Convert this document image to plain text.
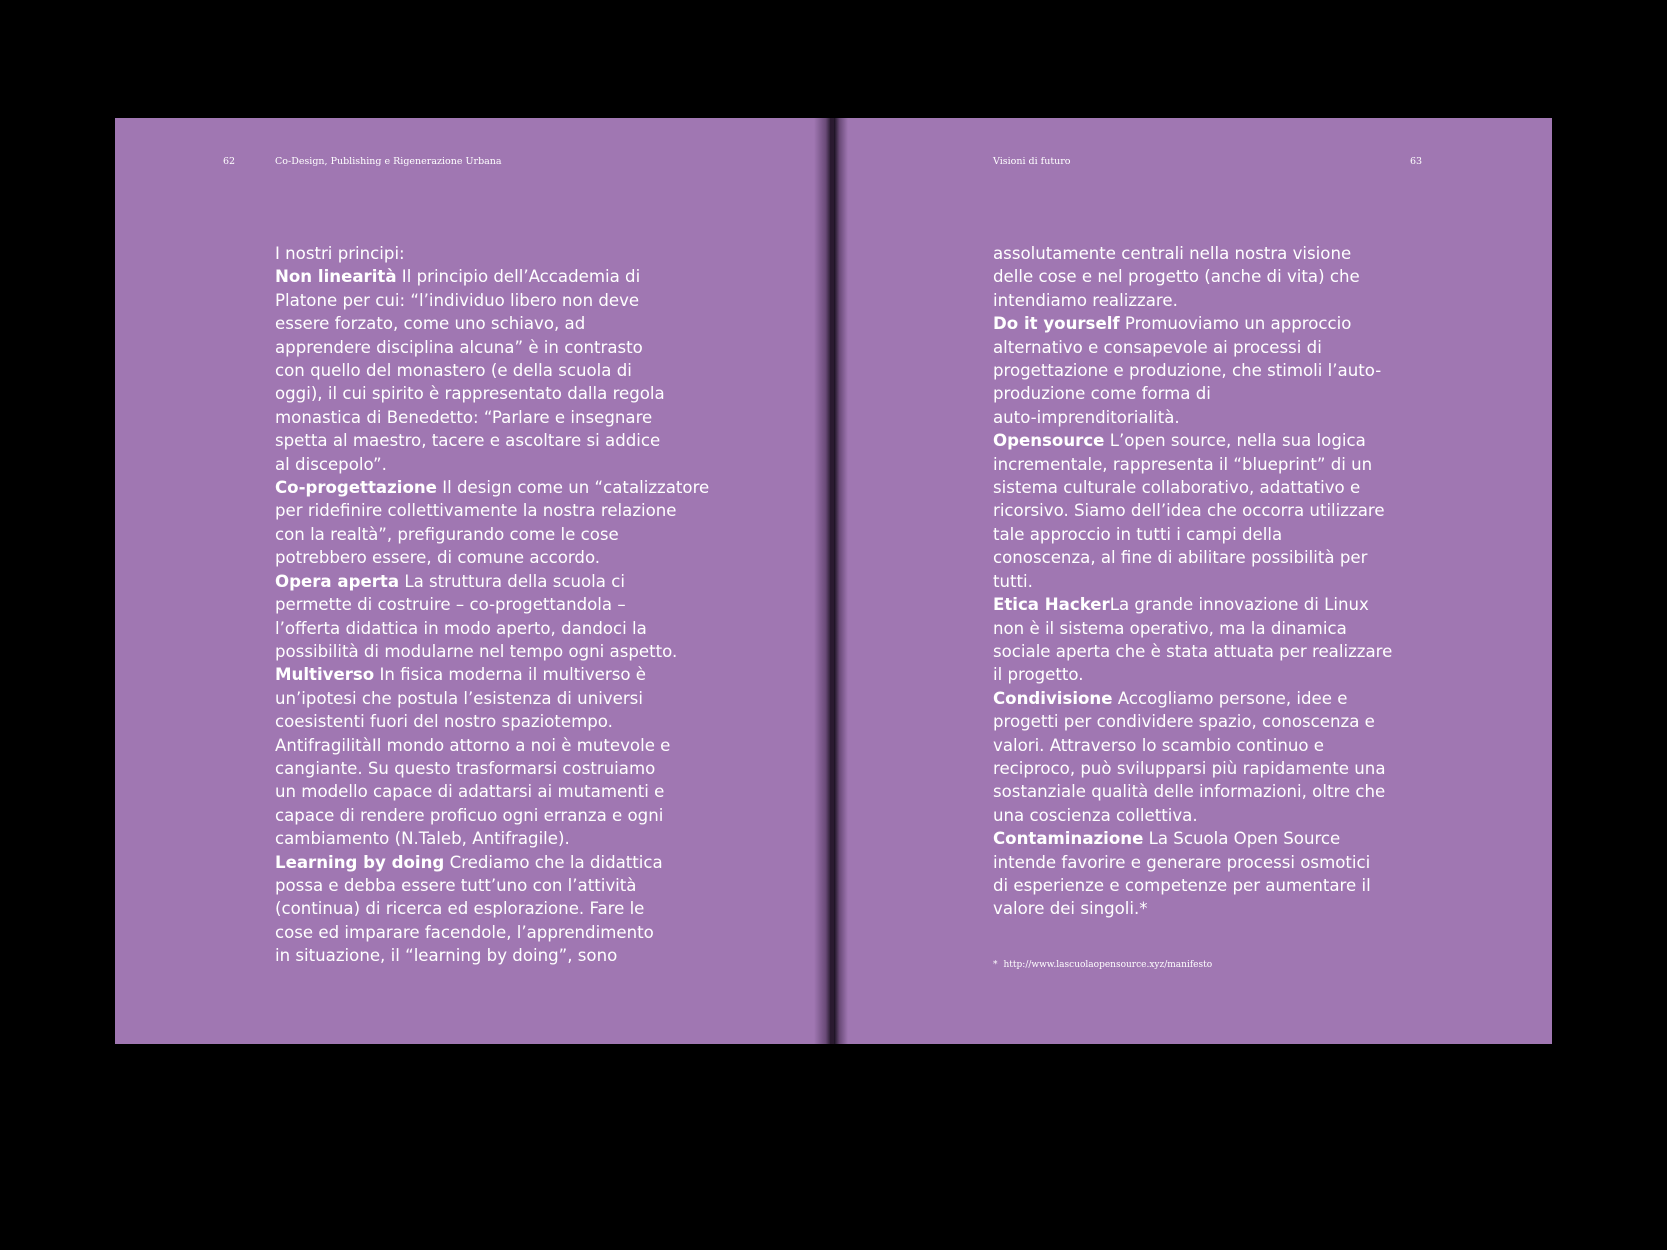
62	Co-Design, Publishing e Rigenerazione Urbana
I nostri principi:
Non linearità Il principio dell’Accademia di
Platone per cui: “l’individuo libero non deve
essere forzato, come uno schiavo, ad
apprendere disciplina alcuna” è in contrasto
con quello del monastero (e della scuola di
oggi), il cui spirito è rappresentato dalla regola
monastica di Benedetto: “Parlare e insegnare
spetta al maestro, tacere e ascoltare si addice
al discepolo”.
Co-progettazione Il design come un “catalizzatore
per ridefinire collettivamente la nostra relazione
con la realtà”, prefigurando come le cose
potrebbero essere, di comune accordo.
Opera aperta La struttura della scuola ci
permette di costruire – co-progettandola –
l’offerta didattica in modo aperto, dandoci la
possibilità di modularne nel tempo ogni aspetto.
Multiverso In fisica moderna il multiverso è
un’ipotesi che postula l’esistenza di universi
coesistenti fuori del nostro spaziotempo.
AntifragilitàIl mondo attorno a noi è mutevole e
cangiante. Su questo trasformarsi costruiamo
un modello capace di adattarsi ai mutamenti e
capace di rendere proficuo ogni erranza e ogni
cambiamento (N.Taleb, Antifragile).
Learning by doing Crediamo che la didattica
possa e debba essere tutt’uno con l’attività
(continua) di ricerca ed esplorazione. Fare le
cose ed imparare facendole, l’apprendimento
in situazione, il “learning by doing”, sono
Visioni di futuro	63
assolutamente centrali nella nostra visione
delle cose e nel progetto (anche di vita) che
intendiamo realizzare.
Do it yourself Promuoviamo un approccio
alternativo e consapevole ai processi di
progettazione e produzione, che stimoli l’auto-
produzione come forma di
auto-imprenditorialità.
Opensource L’open source, nella sua logica
incrementale, rappresenta il “blueprint” di un
sistema culturale collaborativo, adattativo e
ricorsivo. Siamo dell’idea che occorra utilizzare
tale approccio in tutti i campi della
conoscenza, al fine di abilitare possibilità per
tutti.
Etica HackerLa grande innovazione di Linux
non è il sistema operativo, ma la dinamica
sociale aperta che è stata attuata per realizzare
il progetto.
Condivisione Accogliamo persone, idee e
progetti per condividere spazio, conoscenza e
valori. Attraverso lo scambio continuo e
reciproco, può svilupparsi più rapidamente una
sostanziale qualità delle informazioni, oltre che
una coscienza collettiva.
Contaminazione La Scuola Open Source
intende favorire e generare processi osmotici
di esperienze e competenze per aumentare il
valore dei singoli.*
* http://www.lascuolaopensource.xyz/manifesto
